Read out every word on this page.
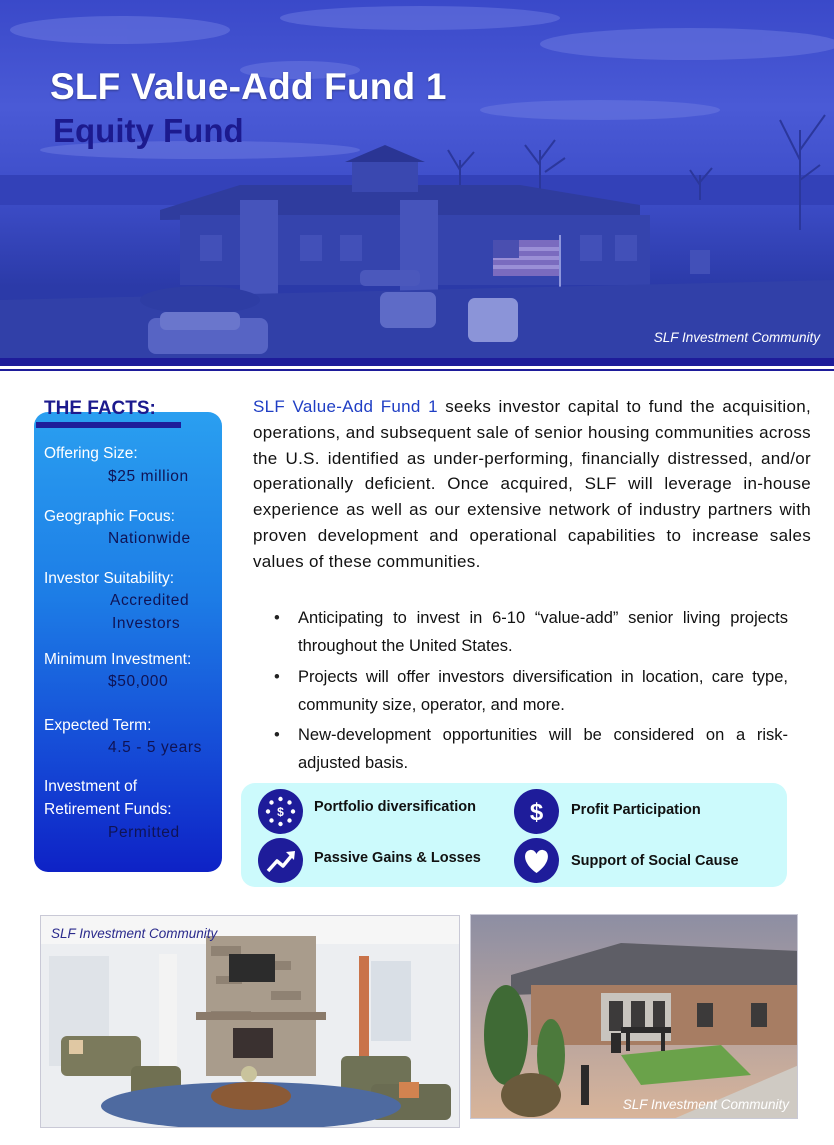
SLF Value-Add Fund 1
Equity Fund
SLF Investment Community
THE FACTS:
Offering Size:
$25 million
Geographic Focus:
Nationwide
Investor Suitability:
Accredited
Investors
Minimum Investment:
$50,000
Expected Term:
4.5 - 5 years
Investment of
Retirement Funds:
Permitted

SLF Value-Add Fund 1 seeks investor capital to fund the acquisition, operations, and subsequent sale of senior housing communities across the U.S. identified as under-performing, financially distressed, and/or operationally deficient. Once acquired, SLF will leverage in-house experience as well as our extensive network of industry partners with proven development and operational capabilities to increase sales values of these communities.

• Anticipating to invest in 6-10 “value-add” senior living projects throughout the United States.
• Projects will offer investors diversification in location, care type, community size, operator, and more.
• New-development opportunities will be considered on a risk-adjusted basis.
$ Portfolio diversification $ Profit Participation
Passive Gains & Losses	Support of Social Cause
SLF Investment Community
SLF Investment Community
